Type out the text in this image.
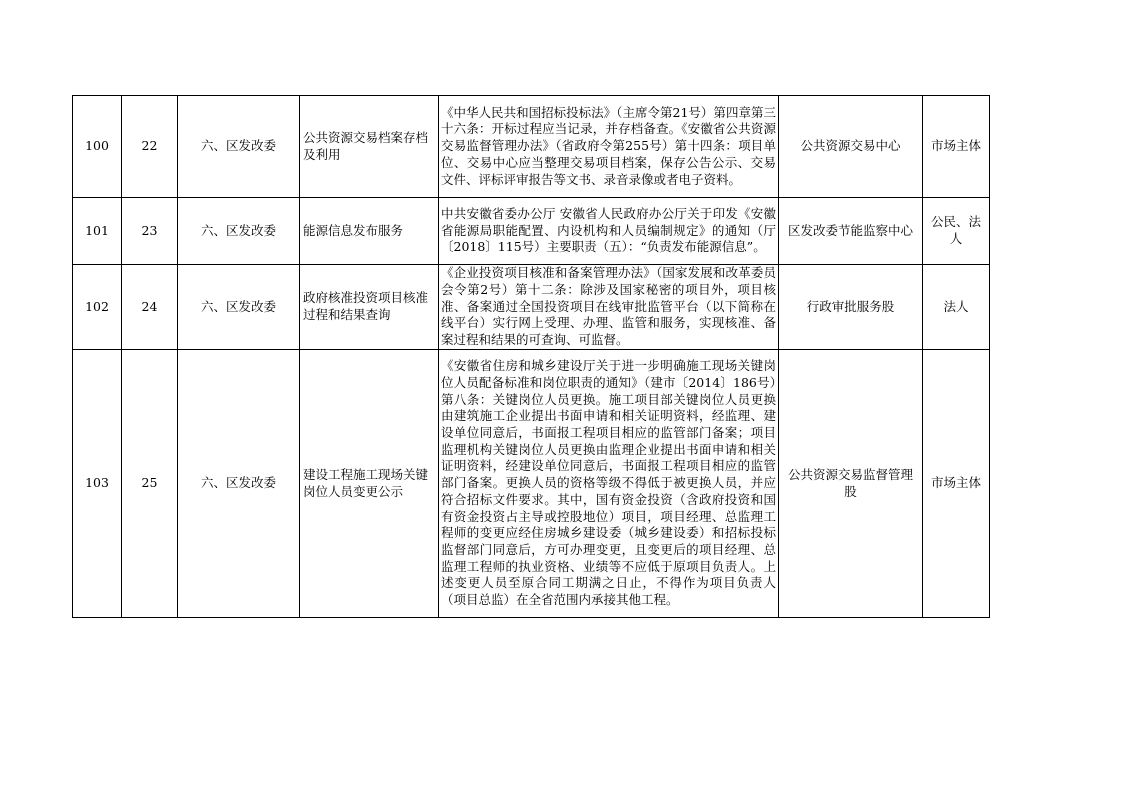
100	22	六、区发改委	公共资源交易档案存档及利用	《中华人民共和国招标投标法》（主席令第21号）第四章第三十六条：开标过程应当记录，并存档备查。《安徽省公共资源交易监督管理办法》（省政府令第255号）第十四条：项目单位、交易中心应当整理交易项目档案，保存公告公示、交易文件、评标评审报告等文书、录音录像或者电子资料。	公共资源交易中心	市场主体
101	23	六、区发改委	能源信息发布服务	中共安徽省委办公厅 安徽省人民政府办公厅关于印发《安徽省能源局职能配置、内设机构和人员编制规定》的通知（厅〔2018〕115号）主要职责（五）：“负责发布能源信息”。	区发改委节能监察中心	公民、法人
102	24	六、区发改委	政府核准投资项目核准过程和结果查询	《企业投资项目核准和备案管理办法》（国家发展和改革委员会令第2号）第十二条：除涉及国家秘密的项目外，项目核准、备案通过全国投资项目在线审批监管平台（以下简称在线平台）实行网上受理、办理、监管和服务，实现核准、备案过程和结果的可查询、可监督。	行政审批服务股	法人
103	25	六、区发改委	建设工程施工现场关键岗位人员变更公示	《安徽省住房和城乡建设厅关于进一步明确施工现场关键岗位人员配备标准和岗位职责的通知》（建市〔2014〕186号）第八条：关键岗位人员更换。施工项目部关键岗位人员更换由建筑施工企业提出书面申请和相关证明资料，经监理、建设单位同意后，书面报工程项目相应的监管部门备案；项目监理机构关键岗位人员更换由监理企业提出书面申请和相关证明资料，经建设单位同意后，书面报工程项目相应的监管部门备案。更换人员的资格等级不得低于被更换人员，并应符合招标文件要求。其中，国有资金投资（含政府投资和国有资金投资占主导或控股地位）项目，项目经理、总监理工程师的变更应经住房城乡建设委（城乡建设委）和招标投标监督部门同意后，方可办理变更，且变更后的项目经理、总监理工程师的执业资格、业绩等不应低于原项目负责人。上述变更人员至原合同工期满之日止，不得作为项目负责人（项目总监）在全省范围内承接其他工程。	公共资源交易监督管理股	市场主体
